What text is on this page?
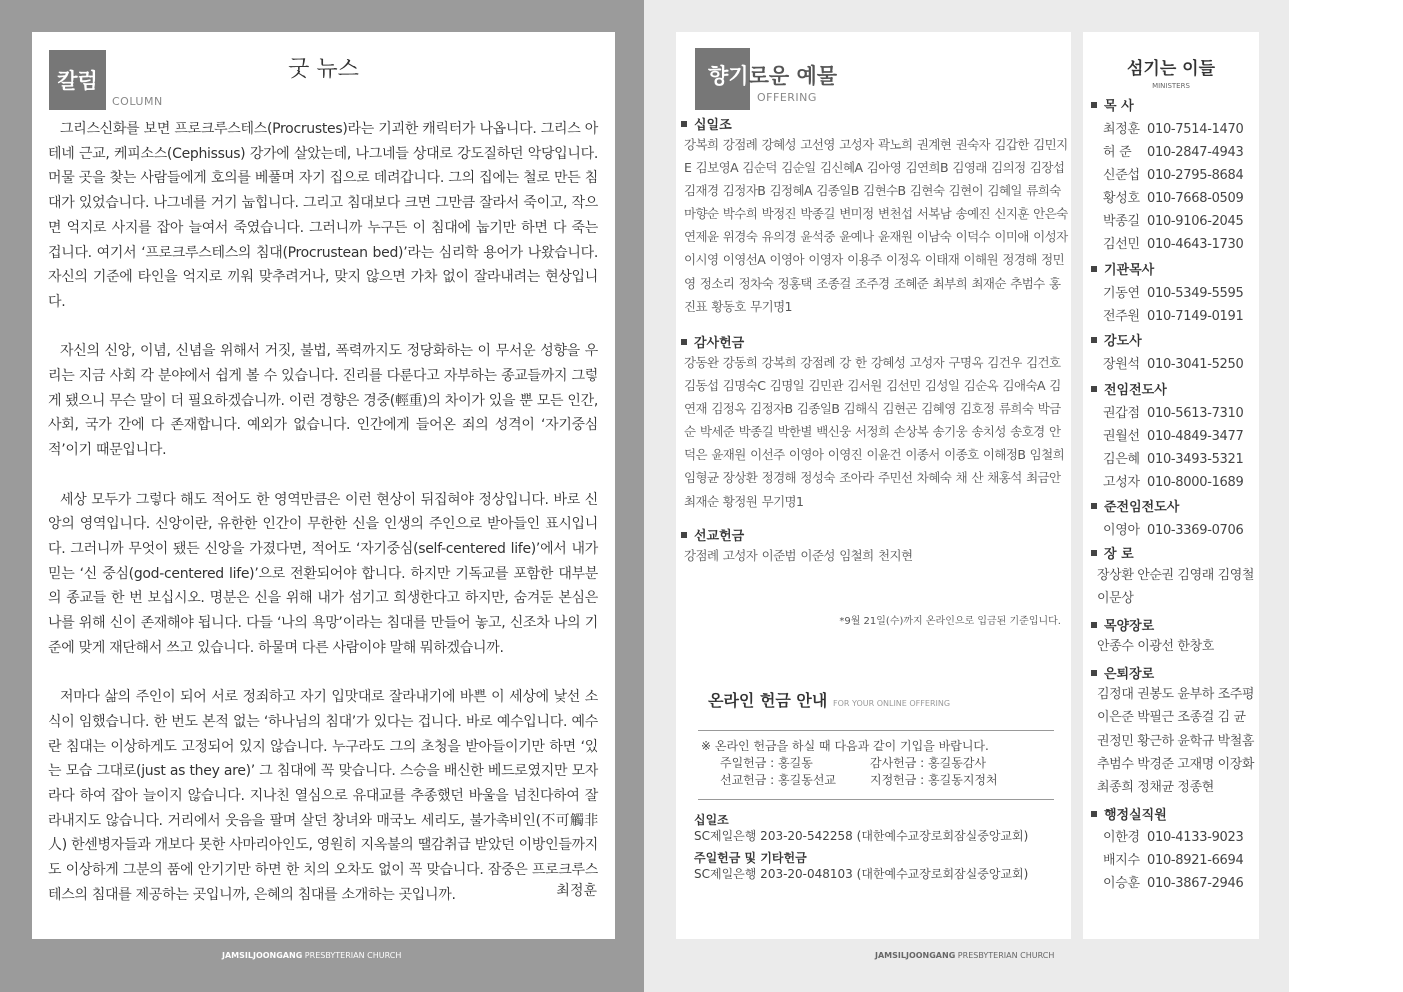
칼럼
COLUMN
굿 뉴스

그리스신화를 보면 프로크루스테스(Procrustes)라는 기괴한 캐릭터가 나옵니다. 그리스 아테네 근교, 케피소스(Cephissus) 강가에 살았는데, 나그네들 상대로 강도질하던 악당입니다. 머물 곳을 찾는 사람들에게 호의를 베풀며 자기 집으로 데려갑니다. 그의 집에는 철로 만든 침대가 있었습니다. 나그네를 거기 눕힙니다. 그리고 침대보다 크면 그만큼 잘라서 죽이고, 작으면 억지로 사지를 잡아 늘여서 죽였습니다. 그러니까 누구든 이 침대에 눕기만 하면 다 죽는 겁니다. 여기서 ‘프로크루스테스의 침대(Procrustean bed)’라는 심리학 용어가 나왔습니다. 자신의 기준에 타인을 억지로 끼워 맞추려거나, 맞지 않으면 가차 없이 잘라내려는 현상입니다.

자신의 신앙, 이념, 신념을 위해서 거짓, 불법, 폭력까지도 정당화하는 이 무서운 성향을 우리는 지금 사회 각 분야에서 쉽게 볼 수 있습니다. 진리를 다룬다고 자부하는 종교들까지 그렇게 됐으니 무슨 말이 더 필요하겠습니까. 이런 경향은 경중(輕重)의 차이가 있을 뿐 모든 인간, 사회, 국가 간에 다 존재합니다. 예외가 없습니다. 인간에게 들어온 죄의 성격이 ‘자기중심적’이기 때문입니다.

세상 모두가 그렇다 해도 적어도 한 영역만큼은 이런 현상이 뒤집혀야 정상입니다. 바로 신앙의 영역입니다. 신앙이란, 유한한 인간이 무한한 신을 인생의 주인으로 받아들인 표시입니다. 그러니까 무엇이 됐든 신앙을 가졌다면, 적어도 ‘자기중심(self-centered life)’에서 내가 믿는 ‘신 중심(god-centered life)’으로 전환되어야 합니다. 하지만 기독교를 포함한 대부분의 종교들 한 번 보십시오. 명분은 신을 위해 내가 섬기고 희생한다고 하지만, 숨겨둔 본심은 나를 위해 신이 존재해야 됩니다. 다들 ‘나의 욕망’이라는 침대를 만들어 놓고, 신조차 나의 기준에 맞게 재단해서 쓰고 있습니다. 하물며 다른 사람이야 말해 뭐하겠습니까.

저마다 삶의 주인이 되어 서로 정죄하고 자기 입맛대로 잘라내기에 바쁜 이 세상에 낯선 소식이 임했습니다. 한 번도 본적 없는 ‘하나님의 침대’가 있다는 겁니다. 바로 예수입니다. 예수란 침대는 이상하게도 고정되어 있지 않습니다. 누구라도 그의 초청을 받아들이기만 하면 ‘있는 모습 그대로(just as they are)’ 그 침대에 꼭 맞습니다. 스승을 배신한 베드로였지만 모자라다 하여 잡아 늘이지 않습니다. 지나친 열심으로 유대교를 추종했던 바울을 넘친다하여 잘라내지도 않습니다. 거리에서 웃음을 팔며 살던 창녀와 매국노 세리도, 불가촉비인(不可觸非人) 한센병자들과 개보다 못한 사마리아인도, 영원히 지옥불의 땔감취급 받았던 이방인들까지도 이상하게 그분의 품에 안기기만 하면 한 치의 오차도 없이 꼭 맞습니다. 잠중은 프로크루스테스의 침대를 제공하는 곳입니까, 은혜의 침대를 소개하는 곳입니까.	최정훈
JAMSILJOONGANG PRESBYTERIAN CHURCH
향기로운 예물
OFFERING
십일조
강복희 강점례 강혜성 고선영 고성자 곽노희 권계현 권숙자 김갑한 김민지E 김보영A 김순덕 김순일 김신혜A 김아영 김연희B 김영래 김의정 김장섭 김재경 김정자B 김정혜A 김종일B 김현수B 김현숙 김현이 김혜일 류희숙 마향순 박수희 박정진 박종길 변미정 변천섭 서복남 송예진 신지훈 안은숙 연제윤 위경숙 유의경 윤석중 윤예나 윤재원 이남숙 이덕수 이미애 이성자 이시영 이영선A 이영아 이영자 이용주 이정옥 이태재 이해원 정경해 정민영 정소리 정차숙 정홍택 조종걸 조주경 조혜준 최부희 최재순 추범수 홍진표 황동호 무기명1
감사헌금
강동완 강동희 강복희 강점례 강 한 강혜성 고성자 구명옥 김건우 김건호 김동섭 김명숙C 김명일 김민관 김서원 김선민 김성일 김순옥 김애숙A 김연재 김정옥 김정자B 김종일B 김해식 김현곤 김혜영 김호정 류희숙 박금순 박세준 박종길 박한별 백신웅 서정희 손상복 송기웅 송치성 송호경 안덕은 윤재원 이선주 이영아 이영진 이윤건 이종서 이종호 이해정B 임철희 임형균 장상환 정경해 정성숙 조아라 주민선 차혜숙 채 산 채홍석 최금안 최재순 황정원 무기명1
선교헌금
강점례 고성자 이준범 이준성 임철희 천지현
*9월 21일(수)까지 온라인으로 입금된 기준입니다.
온라인 헌금 안내 FOR YOUR ONLINE OFFERING
※ 온라인 헌금을 하실 때 다음과 같이 기입을 바랍니다.
주일헌금 : 홍길동	감사헌금 : 홍길동감사
선교헌금 : 홍길동선교	지정헌금 : 홍길동지정처
십일조
SC제일은행 203-20-542258 (대한예수교장로회잠실중앙교회)
주일헌금 및 기타헌금
SC제일은행 203-20-048103 (대한예수교장로회잠실중앙교회)
섬기는 이들
MINISTERS
목 사
최정훈 010-7514-1470
허 준 010-2847-4943
신준섭 010-2795-8684
황성호 010-7668-0509
박종길 010-9106-2045
김선민 010-4643-1730
기관목사
기동연 010-5349-5595
전주원 010-7149-0191
강도사
장원석 010-3041-5250
전임전도사
권갑점 010-5613-7310
권월선 010-4849-3477
김은혜 010-3493-5321
고성자 010-8000-1689
준전임전도사
이영아 010-3369-0706
장 로
장상환 안순권 김영래 김영철 이문상
목양장로
안종수 이광선 한창호
은퇴장로
김정대 권봉도 윤부하 조주평 이은준 박필근 조종걸 김 균 권정민 황근하 윤학규 박철홈 추범수 박경준 고재명 이장화 최종희 정채균 정종현
행정실직원
이한경 010-4133-9023
배지수 010-8921-6694
이승훈 010-3867-2946
JAMSILJOONGANG PRESBYTERIAN CHURCH
